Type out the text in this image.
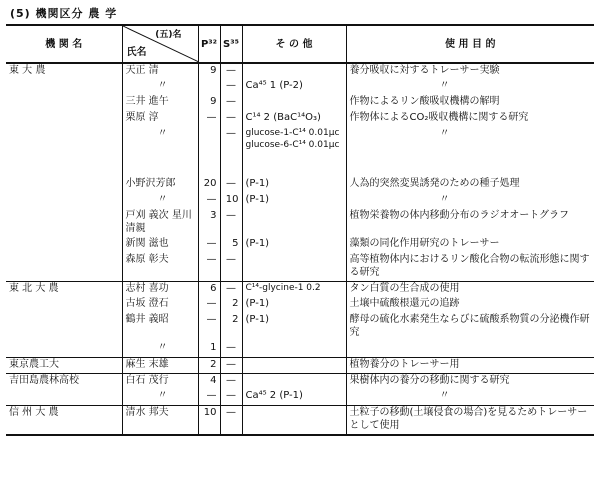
(5) 機関区分 農 学
機 関 名	(五)名
氏名	P³²	S³⁵	そ の 他	使 用 目 的
東 大 農	天正 清	9	—		養分吸収に対するトレーサー実験
	〃		—	Ca⁴⁵ 1 (P-2)	〃
	三井 進午	9	—		作物によるリン酸吸収機構の解明
	栗原 淳	—	—	C¹⁴ 2 (BaC¹⁴O₃)	作物体によるCO₂吸収機構に関する研究
	〃		—	glucose-1-C¹⁴ 0.01μc glucose-6-C¹⁴ 0.01μc	〃
	小野沢芳郎	20	—	(P-1)	人為的突然変異誘発のための種子処理
	〃	—	10	(P-1)	〃
	戸刈 義次 星川 清親	3	—		植物栄養物の体内移動分布のラジオオートグラフ
	新関 滋也	—	5	(P-1)	藻類の同化作用研究のトレーサー
	森原 彰夫	—	—		高等植物体内におけるリン酸化合物の転流形態に関する研究
東 北 大 農	志村 喜功	6	—	C¹⁴-glycine-1 0.2	タン白質の生合成の使用
	古坂 澄石	—	2	(P-1)	土壌中硫酸根還元の追跡
	鶴井 義昭	—	2	(P-1)	酵母の硫化水素発生ならびに硫酸系物質の分泌機作研究
	〃	1	—		
東京農工大	麻生 末雄	2	—		植物養分のトレーサー用
吉田島農林高校	白石 茂行	4	—		果樹体内の養分の移動に関する研究
	〃	—	—	Ca⁴⁵ 2 (P-1)	〃
信 州 大 農	清水 邦夫	10	—		土粒子の移動(土壌侵食の場合)を見るためトレーサーとして使用
